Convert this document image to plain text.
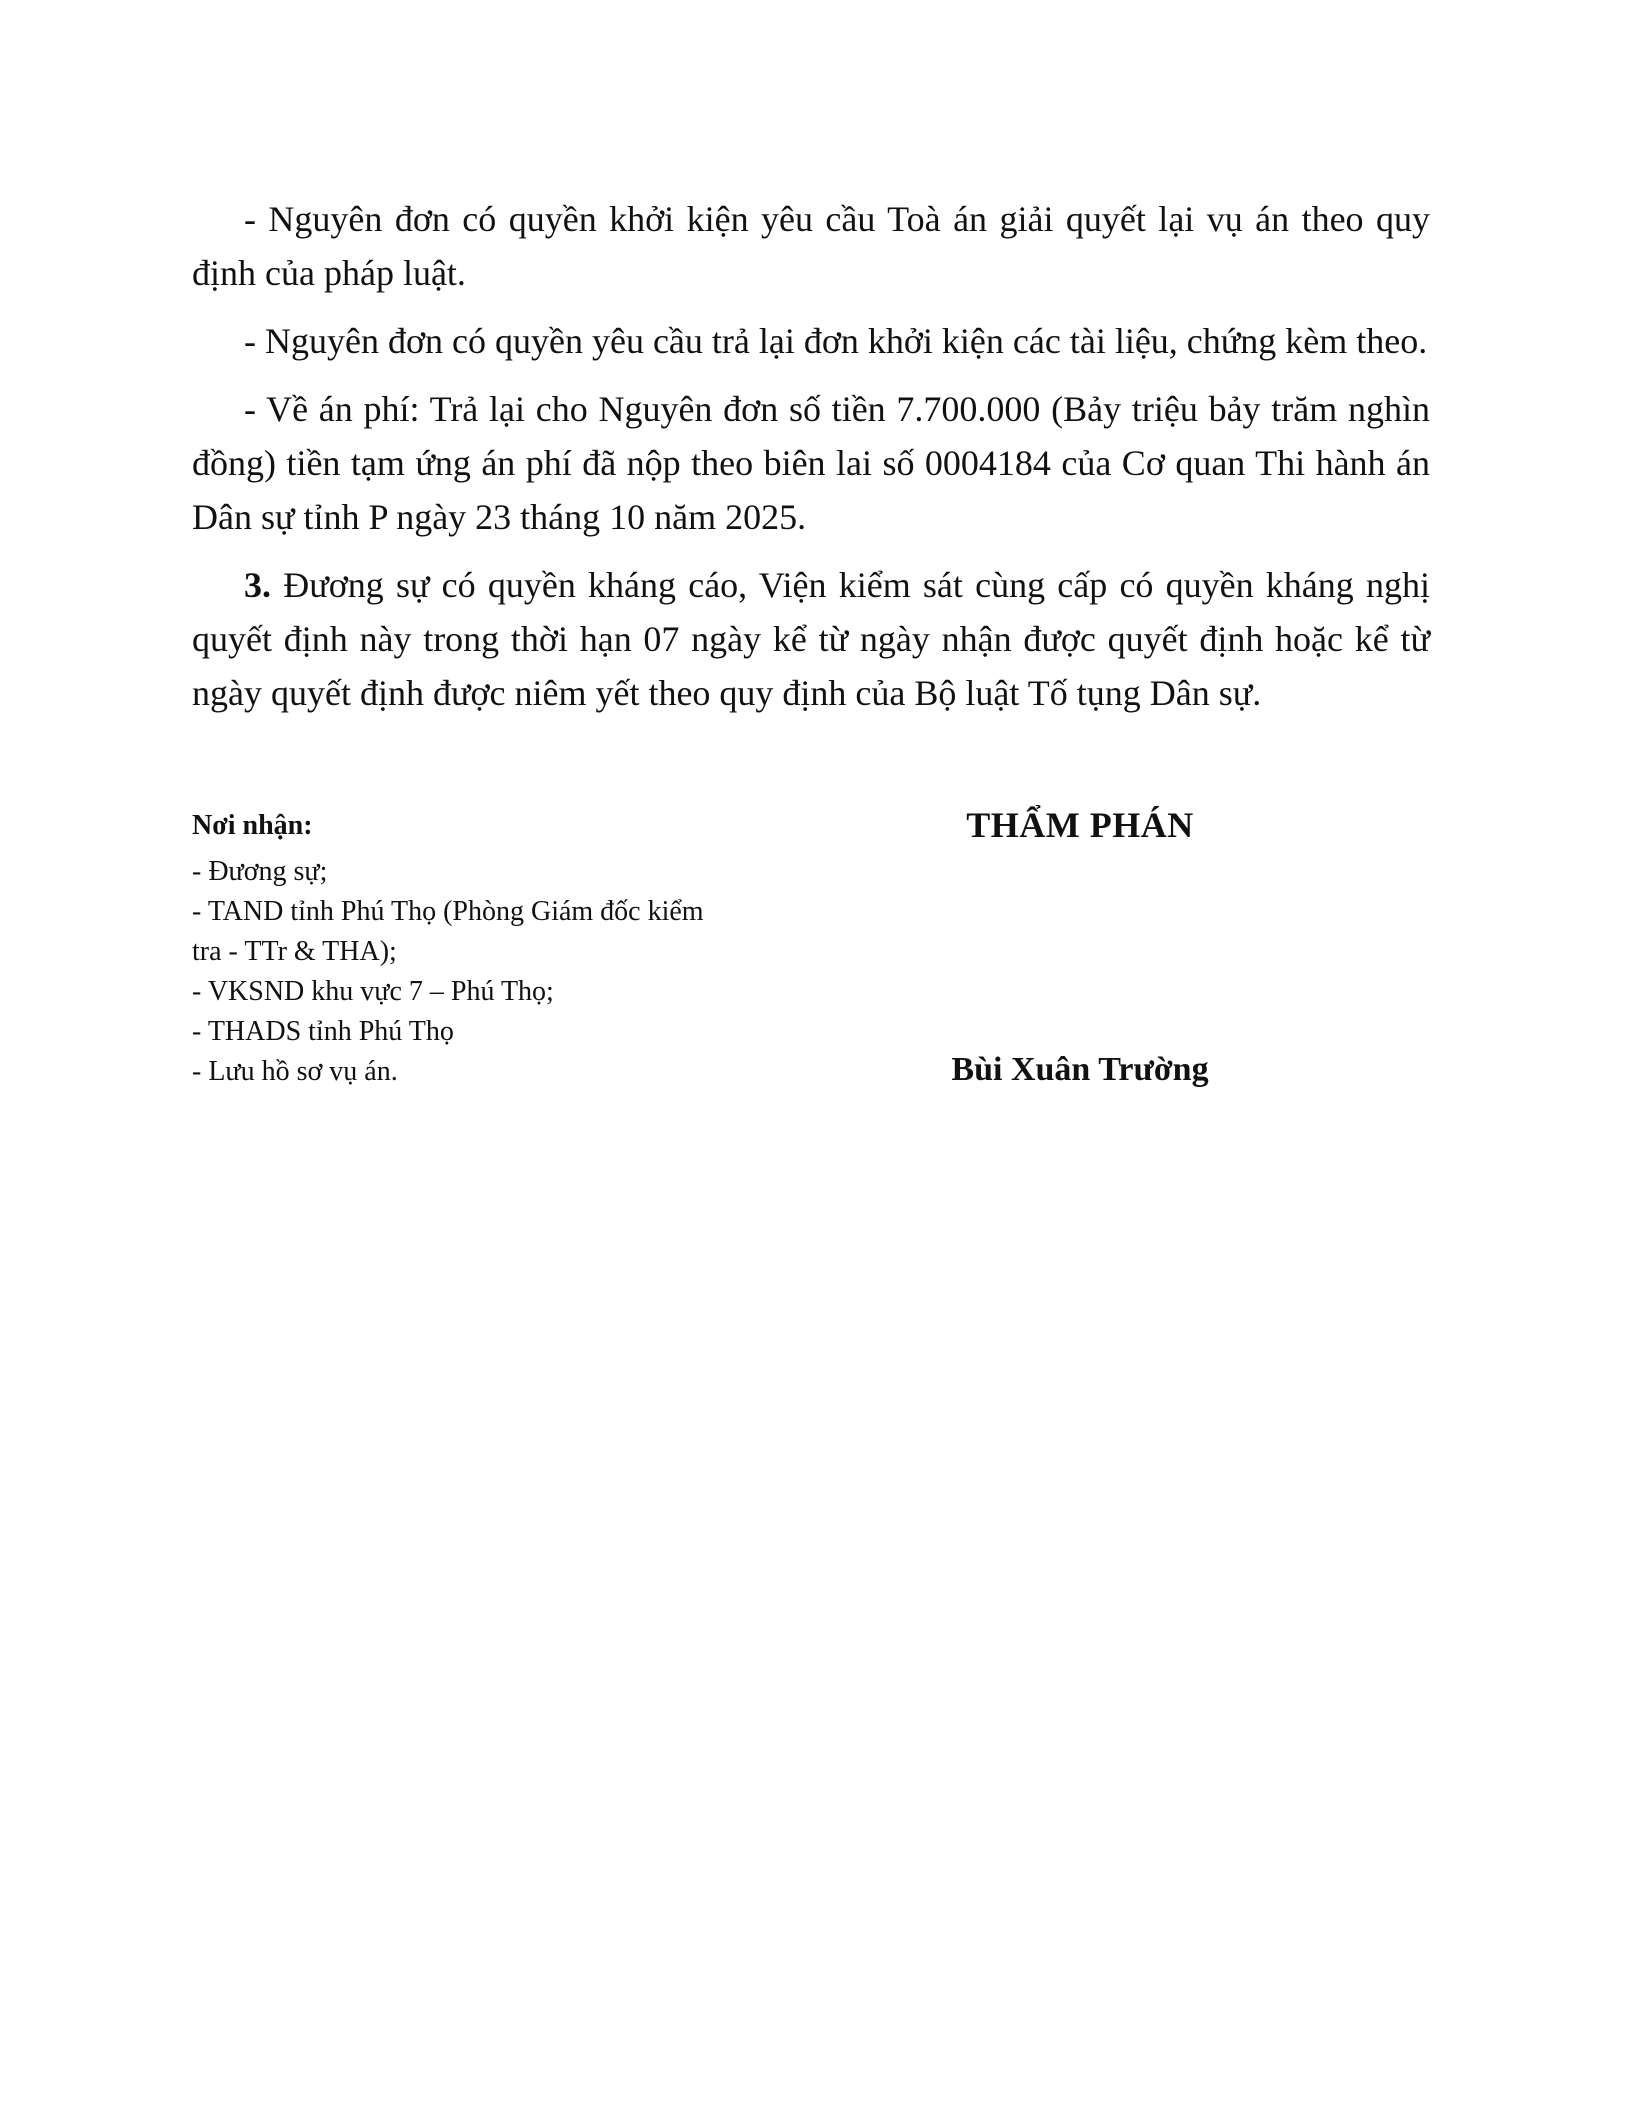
- Nguyên đơn có quyền khởi kiện yêu cầu Toà án giải quyết lại vụ án theo quy định của pháp luật.

- Nguyên đơn có quyền yêu cầu trả lại đơn khởi kiện các tài liệu, chứng kèm theo.

- Về án phí: Trả lại cho Nguyên đơn số tiền 7.700.000 (Bảy triệu bảy trăm nghìn đồng) tiền tạm ứng án phí đã nộp theo biên lai số 0004184 của Cơ quan Thi hành án Dân sự tỉnh P ngày 23 tháng 10 năm 2025.

3. Đương sự có quyền kháng cáo, Viện kiểm sát cùng cấp có quyền kháng nghị quyết định này trong thời hạn 07 ngày kể từ ngày nhận được quyết định hoặc kể từ ngày quyết định được niêm yết theo quy định của Bộ luật Tố tụng Dân sự.

Nơi nhận:
- Đương sự;
- TAND tỉnh Phú Thọ (Phòng Giám đốc kiểm tra - TTr & THA);
- VKSND khu vực 7 – Phú Thọ;
- THADS tỉnh Phú Thọ
- Lưu hồ sơ vụ án.
THẨM PHÁN
Bùi Xuân Trường
